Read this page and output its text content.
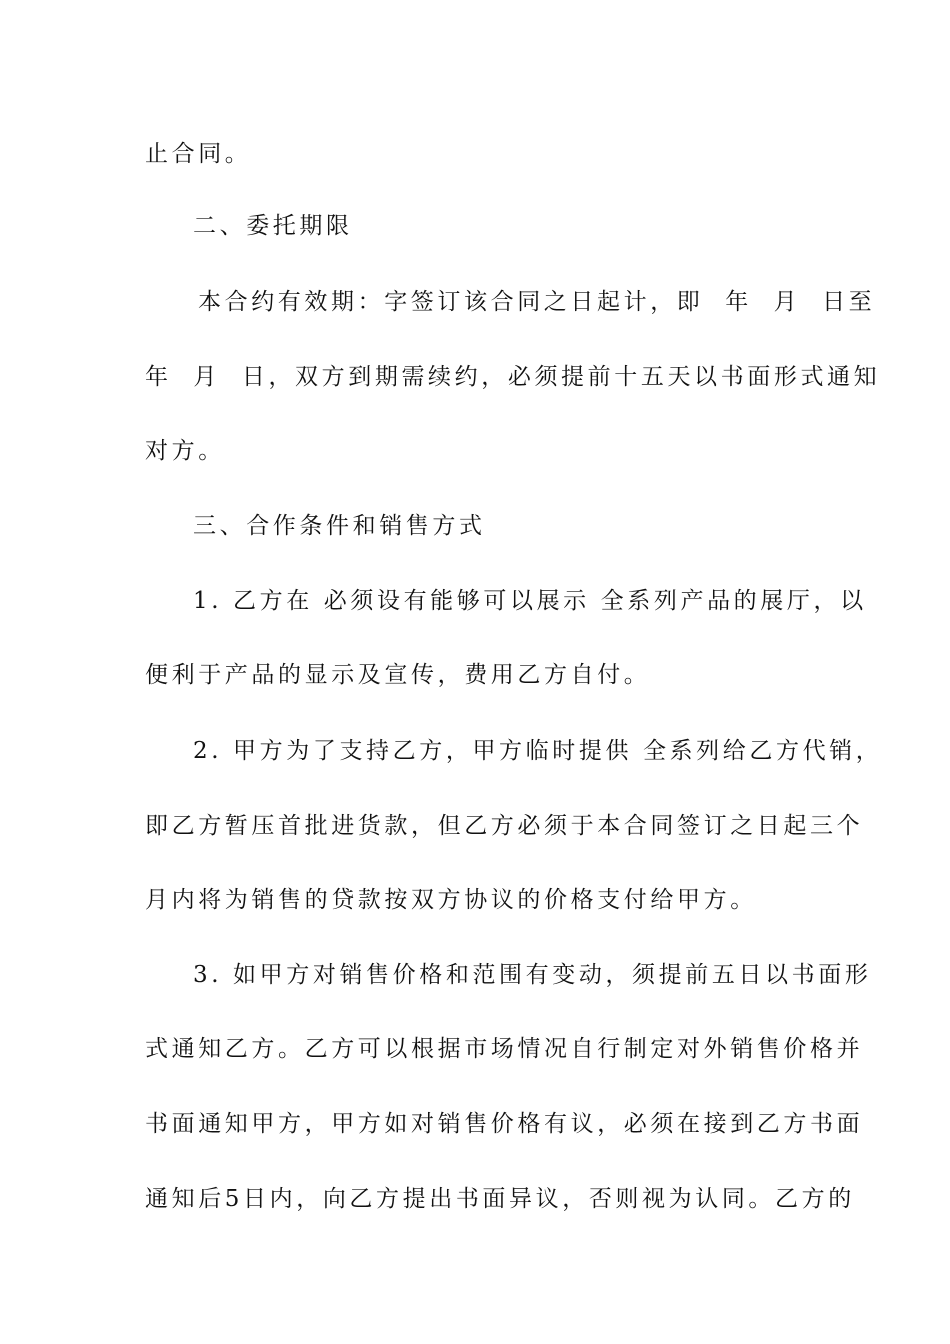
止合同。
二、委托期限
本合约有效期：字签订该合同之日起计，即  年  月  日至
年  月  日，双方到期需续约，必须提前十五天以书面形式通知
对方。
三、合作条件和销售方式
1. 乙方在 必须设有能够可以展示 全系列产品的展厅，以
便利于产品的显示及宣传，费用乙方自付。
2. 甲方为了支持乙方，甲方临时提供 全系列给乙方代销，
即乙方暂压首批进货款，但乙方必须于本合同签订之日起三个
月内将为销售的贷款按双方协议的价格支付给甲方。
3. 如甲方对销售价格和范围有变动，须提前五日以书面形
式通知乙方。乙方可以根据市场情况自行制定对外销售价格并
书面通知甲方，甲方如对销售价格有议，必须在接到乙方书面
通知后5日内，向乙方提出书面异议，否则视为认同。乙方的
